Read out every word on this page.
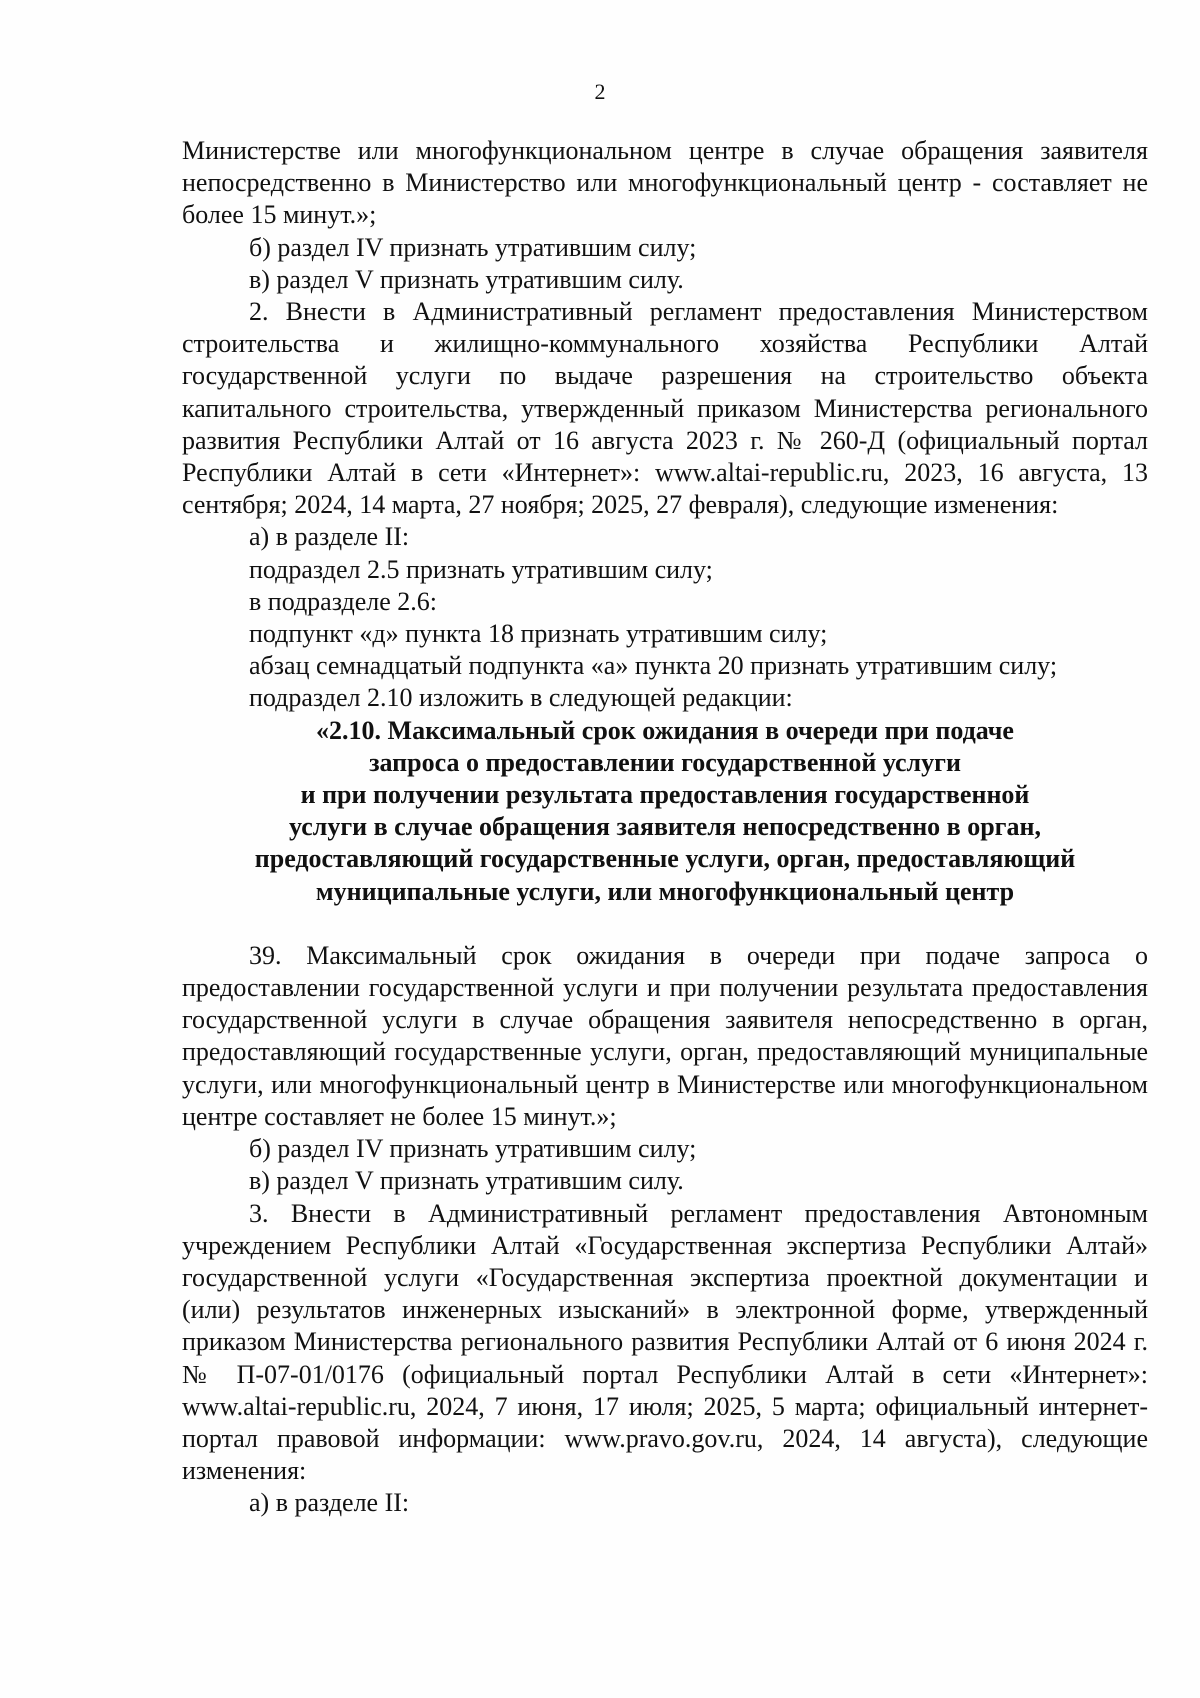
2

Министерстве или многофункциональном центре в случае обращения заявителя непосредственно в Министерство или многофункциональный центр - составляет не более 15 минут.»;

б) раздел IV признать утратившим силу;

в) раздел V признать утратившим силу.

2. Внести в Административный регламент предоставления Министерством строительства и жилищно-коммунального хозяйства Республики Алтай государственной услуги по выдаче разрешения на строительство объекта капитального строительства, утвержденный приказом Министерства регионального развития Республики Алтай от 16 августа 2023 г. № 260-Д (официальный портал Республики Алтай в сети «Интернет»: www.altai-republic.ru, 2023, 16 августа, 13 сентября; 2024, 14 марта, 27 ноября; 2025, 27 февраля), следующие изменения:

а) в разделе II:

подраздел 2.5 признать утратившим силу;

в подразделе 2.6:

подпункт «д» пункта 18 признать утратившим силу;

абзац семнадцатый подпункта «а» пункта 20 признать утратившим силу;

подраздел 2.10 изложить в следующей редакции:

«2.10. Максимальный срок ожидания в очереди при подаче
запроса о предоставлении государственной услуги
и при получении результата предоставления государственной
услуги в случае обращения заявителя непосредственно в орган,
предоставляющий государственные услуги, орган, предоставляющий
муниципальные услуги, или многофункциональный центр

39. Максимальный срок ожидания в очереди при подаче запроса о предоставлении государственной услуги и при получении результата предоставления государственной услуги в случае обращения заявителя непосредственно в орган, предоставляющий государственные услуги, орган, предоставляющий муниципальные услуги, или многофункциональный центр в Министерстве или многофункциональном центре составляет не более 15 минут.»;

б) раздел IV признать утратившим силу;

в) раздел V признать утратившим силу.

3. Внести в Административный регламент предоставления Автономным учреждением Республики Алтай «Государственная экспертиза Республики Алтай» государственной услуги «Государственная экспертиза проектной документации и (или) результатов инженерных изысканий» в электронной форме, утвержденный приказом Министерства регионального развития Республики Алтай от 6 июня 2024 г. № П-07-01/0176 (официальный портал Республики Алтай в сети «Интернет»: www.altai-republic.ru, 2024, 7 июня, 17 июля; 2025, 5 марта; официальный интернет-портал правовой информации: www.pravo.gov.ru, 2024, 14 августа), следующие изменения:

а) в разделе II:
